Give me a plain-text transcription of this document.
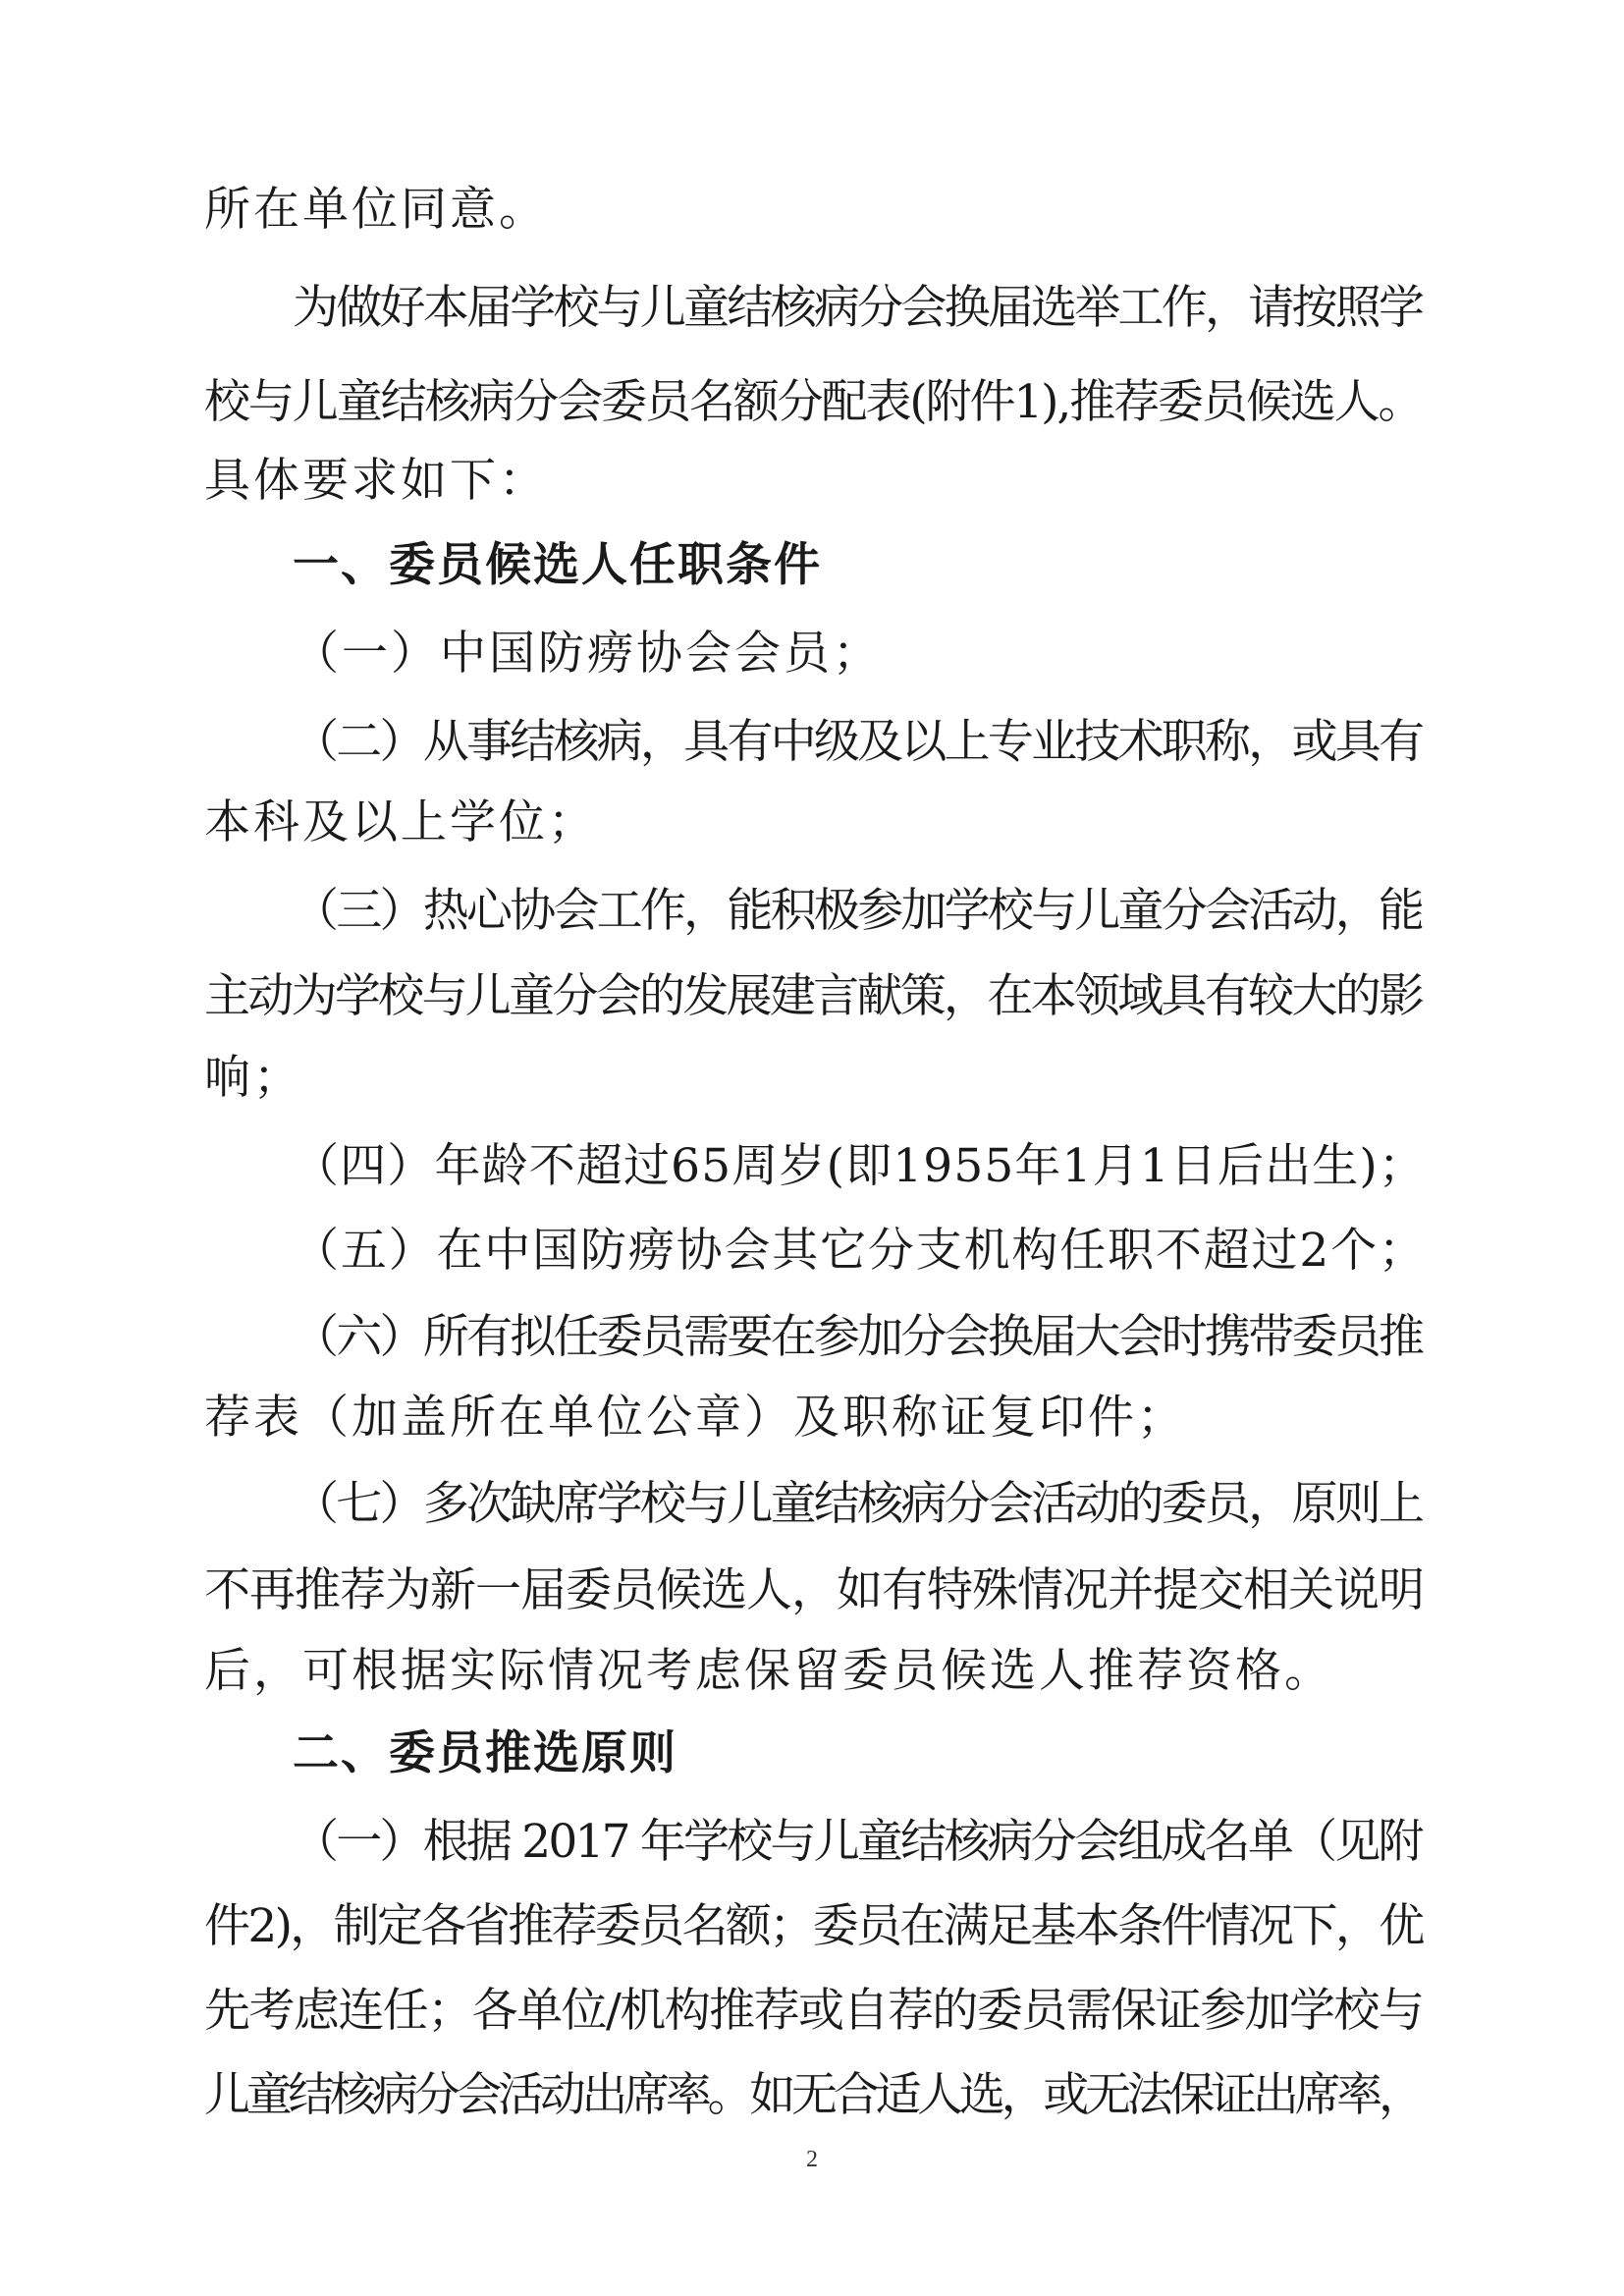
所在单位同意。
为做好本届学校与儿童结核病分会换届选举工作，请按照学
校与儿童结核病分会委员名额分配表(附件1),推荐委员候选人。
具体要求如下：
一、委员候选人任职条件
（一）中国防痨协会会员；
（二）从事结核病，具有中级及以上专业技术职称，或具有
本科及以上学位；
（三）热心协会工作，能积极参加学校与儿童分会活动，能
主动为学校与儿童分会的发展建言献策，在本领域具有较大的影
响；
（四）年龄不超过65周岁(即1955年1月1日后出生)；
（五）在中国防痨协会其它分支机构任职不超过2个；
（六）所有拟任委员需要在参加分会换届大会时携带委员推
荐表（加盖所在单位公章）及职称证复印件；
（七）多次缺席学校与儿童结核病分会活动的委员，原则上
不再推荐为新一届委员候选人，如有特殊情况并提交相关说明
后，可根据实际情况考虑保留委员候选人推荐资格。
二、委员推选原则
（一）根据 2017 年学校与儿童结核病分会组成名单（见附
件2)，制定各省推荐委员名额；委员在满足基本条件情况下，优
先考虑连任；各单位/机构推荐或自荐的委员需保证参加学校与
儿童结核病分会活动出席率。如无合适人选，或无法保证出席率，
2
